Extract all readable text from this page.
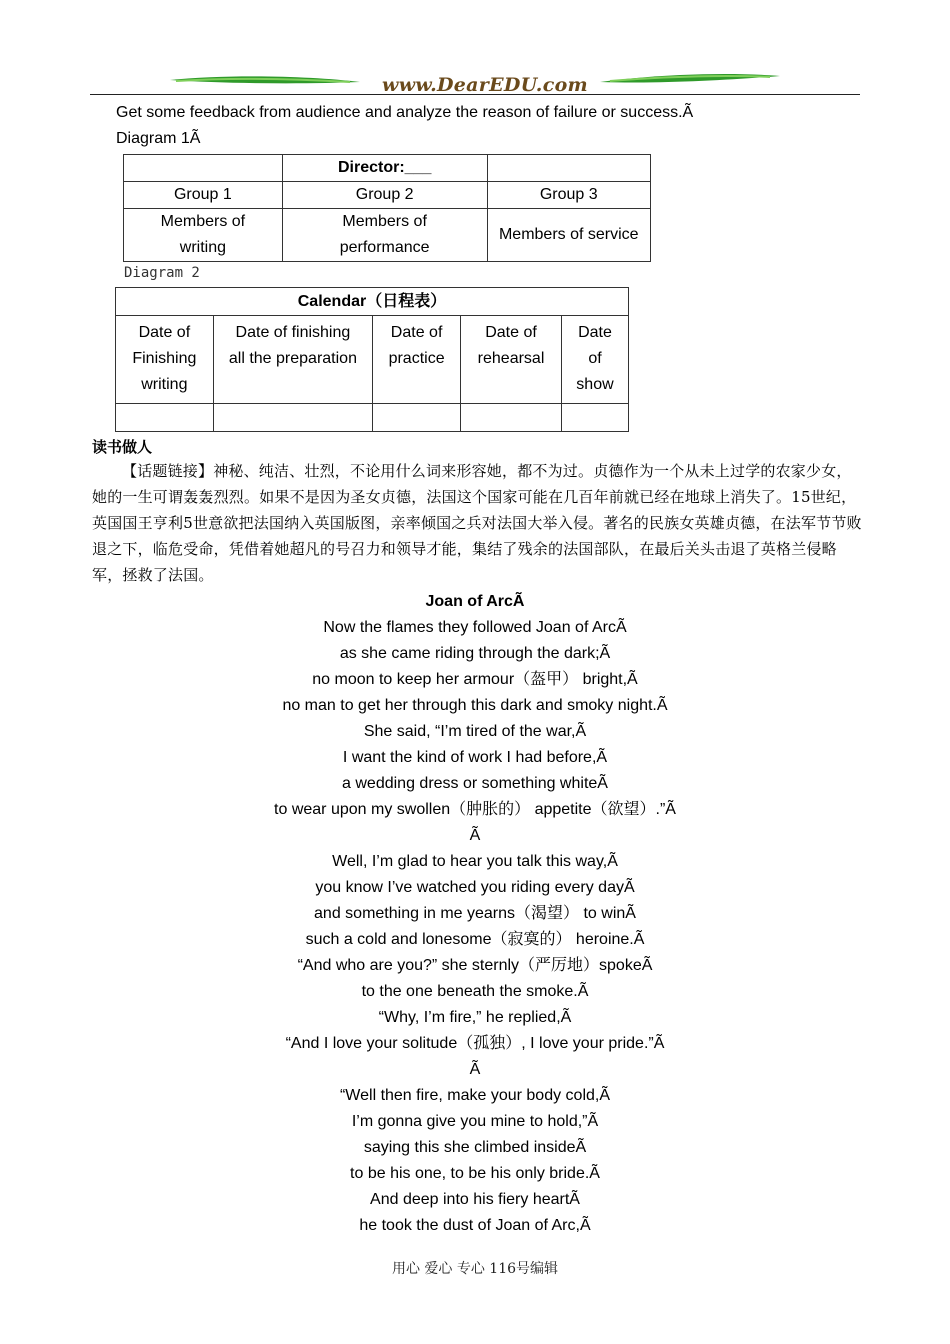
www.DearEDU.com
Get some feedback from audience and analyze the reason of failure or success.Ã
Diagram 1Ã
	Director:___	
Group 1	Group 2	Group 3
Members of writing	Members of performance	Members of service
Diagram 2
Calendar（日程表）				
Date of Finishing writing	Date of finishing all the preparation	Date of practice	Date of rehearsal	Date of show

读书做人
【话题链接】神秘、纯洁、壮烈，不论用什么词来形容她，都不为过。贞德作为一个从未上过学的农家少女，她的一生可谓轰轰烈烈。如果不是因为圣女贞德，法国这个国家可能在几百年前就已经在地球上消失了。15世纪，英国国王亨利5世意欲把法国纳入英国版图，亲率倾国之兵对法国大举入侵。著名的民族女英雄贞德，在法军节节败退之下，临危受命，凭借着她超凡的号召力和领导才能，集结了残余的法国部队，在最后关头击退了英格兰侵略军，拯救了法国。
Joan of ArcÃ
Now the flames they followed Joan of ArcÃ
as she came riding through the dark;Ã
no moon to keep her armour（盔甲） bright,Ã
no man to get her through this dark and smoky night.Ã
She said, “I’m tired of the war,Ã
I want the kind of work I had before,Ã
a wedding dress or something whiteÃ
to wear upon my swollen（肿胀的） appetite（欲望）.”Ã
Ã
Well, I’m glad to hear you talk this way,Ã
you know I’ve watched you riding every dayÃ
and something in me yearns（渴望） to winÃ
such a cold and lonesome（寂寞的） heroine.Ã
“And who are you?” she sternly（严厉地）spokeÃ
to the one beneath the smoke.Ã
“Why, I’m fire,” he replied,Ã
“And I love your solitude（孤独）, I love your pride.”Ã
Ã
“Well then fire, make your body cold,Ã
I’m gonna give you mine to hold,”Ã
saying this she climbed insideÃ
to be his one, to be his only bride.Ã
And deep into his fiery heartÃ
he took the dust of Joan of Arc,Ã
用心 爱心 专心 116号编辑
